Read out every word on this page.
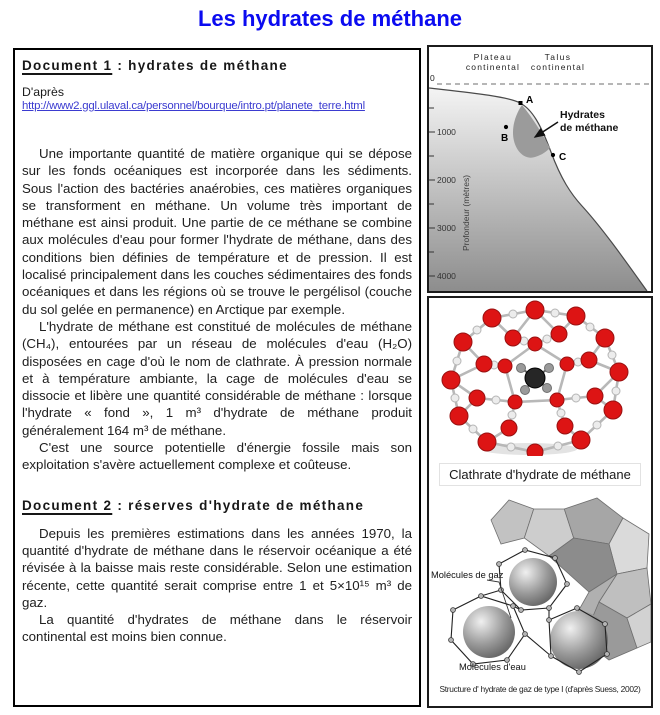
Les hydrates de méthane
Document 1 : hydrates de méthane

D'après

http://www2.ggl.ulaval.ca/personnel/bourque/intro.pt/planete_terre.html

Une importante quantité de matière organique qui se dépose sur les fonds océaniques est incorporée dans les sédiments. Sous l'action des bactéries anaérobies, ces matières organiques se transforment en méthane. Un volume très important de méthane est ainsi produit. Une partie de ce méthane se combine aux molécules d'eau pour former l'hydrate de méthane, dans des conditions bien définies de température et de pression. Il est localisé principalement dans les couches sédimentaires des fonds océaniques et dans les régions où se trouve le pergélisol (couche du sol gelée en permanence) en Arctique par exemple.

L'hydrate de méthane est constitué de molécules de méthane (CH₄), entourées par un réseau de molécules d'eau (H₂O) disposées en cage d'où le nom de clathrate. À pression normale et à température ambiante, la cage de molécules d'eau se dissocie et libère une quantité considérable de méthane : lorsque l'hydrate « fond », 1 m³ d'hydrate de méthane produit généralement 164 m³ de méthane.

C'est une source potentielle d'énergie fossile mais son exploitation s'avère actuellement complexe et coûteuse.

Document 2 : réserves d'hydrate de méthane

Depuis les premières estimations dans les années 1970, la quantité d'hydrate de méthane dans le réservoir océanique a été révisée à la baisse mais reste considérable. Selon une estimation récente, cette quantité serait comprise entre 1 et 5×10¹⁵ m³ de gaz.

La quantité d'hydrates de méthane dans le réservoir continental est moins bien connue.

Plateau
continental
Talus
continental
0
1000
2000
3000
4000
Profondeur (mètres)
A
B
C
Hydrates
de méthane
Clathrate d'hydrate de méthane
Molécules de gaz
Molécules d'eau
Structure d' hydrate de gaz de type I (d'après Suess, 2002)
